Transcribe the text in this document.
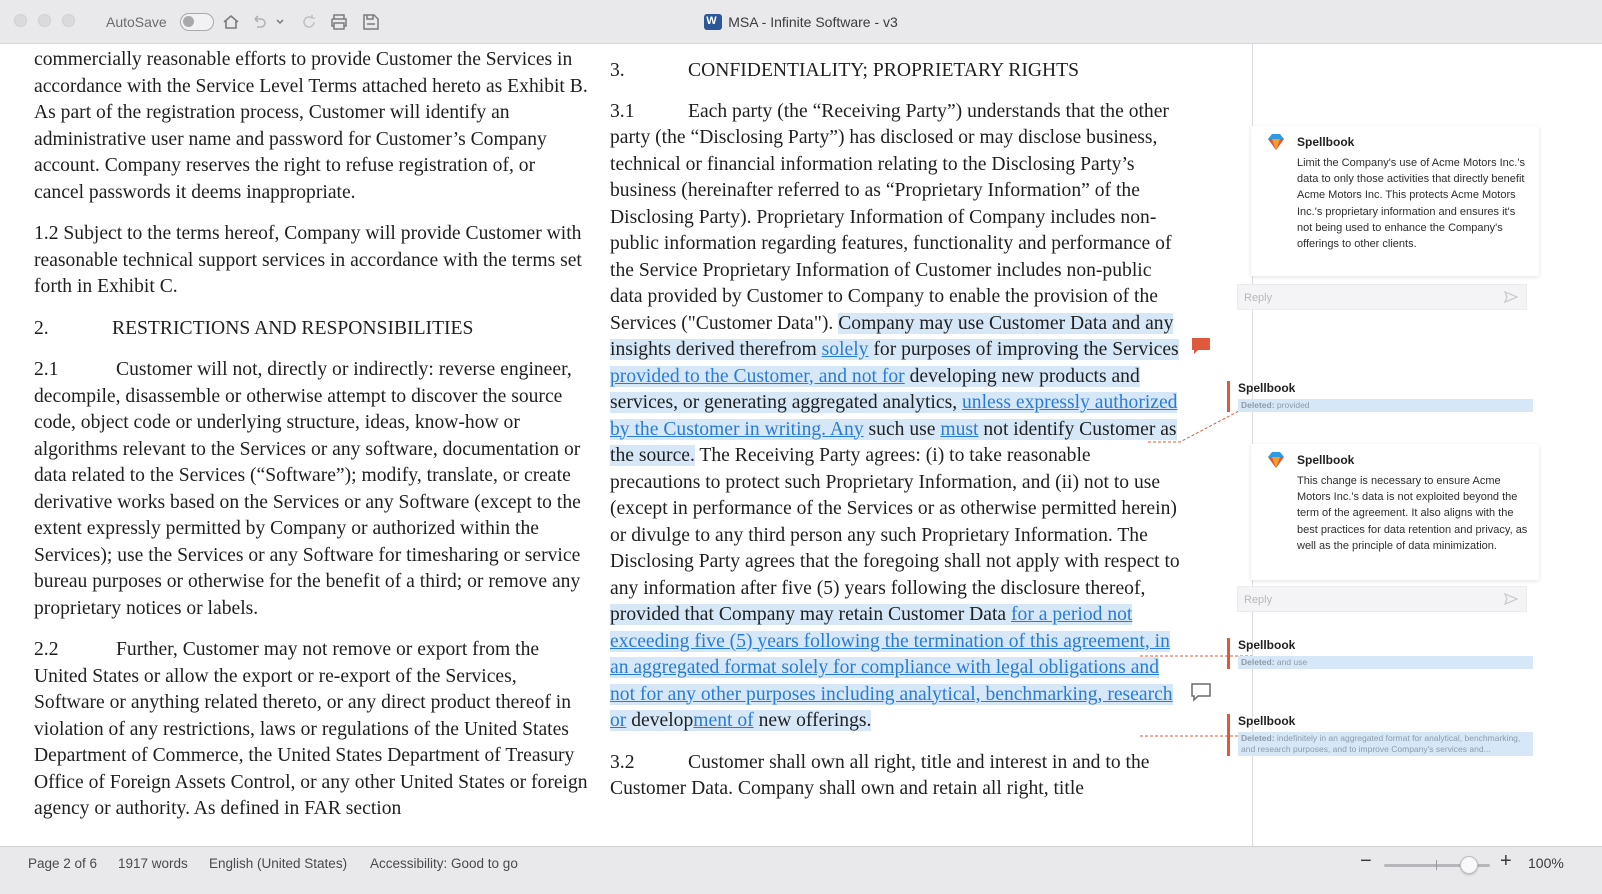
AutoSave
W	MSA - Infinite Software - v3

commercially reasonable efforts to provide Customer the Services in accordance with the Service Level Terms attached hereto as Exhibit B. As part of the registration process, Customer will identify an administrative user name and password for Customer’s Company account. Company reserves the right to refuse registration of, or cancel passwords it deems inappropriate.

1.2 Subject to the terms hereof, Company will provide Customer with reasonable technical support services in accordance with the terms set forth in Exhibit C.

2.	RESTRICTIONS AND RESPONSIBILITIES

2.1	Customer will not, directly or indirectly: reverse engineer, decompile, disassemble or otherwise attempt to discover the source code, object code or underlying structure, ideas, know-how or algorithms relevant to the Services or any software, documentation or data related to the Services (“Software”); modify, translate, or create derivative works based on the Services or any Software (except to the extent expressly permitted by Company or authorized within the Services); use the Services or any Software for timesharing or service bureau purposes or otherwise for the benefit of a third; or remove any proprietary notices or labels.

2.2	Further, Customer may not remove or export from the United States or allow the export or re-export of the Services, Software or anything related thereto, or any direct product thereof in violation of any restrictions, laws or regulations of the United States Department of Commerce, the United States Department of Treasury Office of Foreign Assets Control, or any other United States or foreign agency or authority. As defined in FAR section

3.	CONFIDENTIALITY; PROPRIETARY RIGHTS

3.1	Each party (the “Receiving Party”) understands that the other party (the “Disclosing Party”) has disclosed or may disclose business, technical or financial information relating to the Disclosing Party’s business (hereinafter referred to as “Proprietary Information” of the Disclosing Party). Proprietary Information of Company includes non-public information regarding features, functionality and performance of the Service Proprietary Information of Customer includes non-public data provided by Customer to Company to enable the provision of the Services ("Customer Data"). Company may use Customer Data and any insights derived therefrom solely for purposes of improving the Services provided to the Customer, and not for developing new products and services, or generating aggregated analytics, unless expressly authorized by the Customer in writing. Any such use must not identify Customer as the source. The Receiving Party agrees: (i) to take reasonable precautions to protect such Proprietary Information, and (ii) not to use (except in performance of the Services or as otherwise permitted herein) or divulge to any third person any such Proprietary Information. The Disclosing Party agrees that the foregoing shall not apply with respect to any information after five (5) years following the disclosure thereof, provided that Company may retain Customer Data for a period not exceeding five (5) years following the termination of this agreement, in an aggregated format solely for compliance with legal obligations and not for any other purposes including analytical, benchmarking, research or development of new offerings.

3.2	Customer shall own all right, title and interest in and to the Customer Data. Company shall own and retain all right, title

Spellbook
Limit the Company's use of Acme Motors Inc.'s data to only those activities that directly benefit Acme Motors Inc. This protects Acme Motors Inc.'s proprietary information and ensures it's not being used to enhance the Company's offerings to other clients.
Reply
Spellbook
Deleted: provided
Spellbook
This change is necessary to ensure Acme Motors Inc.'s data is not exploited beyond the term of the agreement. It also aligns with the best practices for data retention and privacy, as well as the principle of data minimization.
Reply
Spellbook
Deleted: and use
Spellbook
Deleted: indefinitely in an aggregated format for analytical, benchmarking, and research purposes, and to improve Company's services and...
Page 2 of 6 1917 words English (United States) Accessibility: Good to go	−	+ 100%
